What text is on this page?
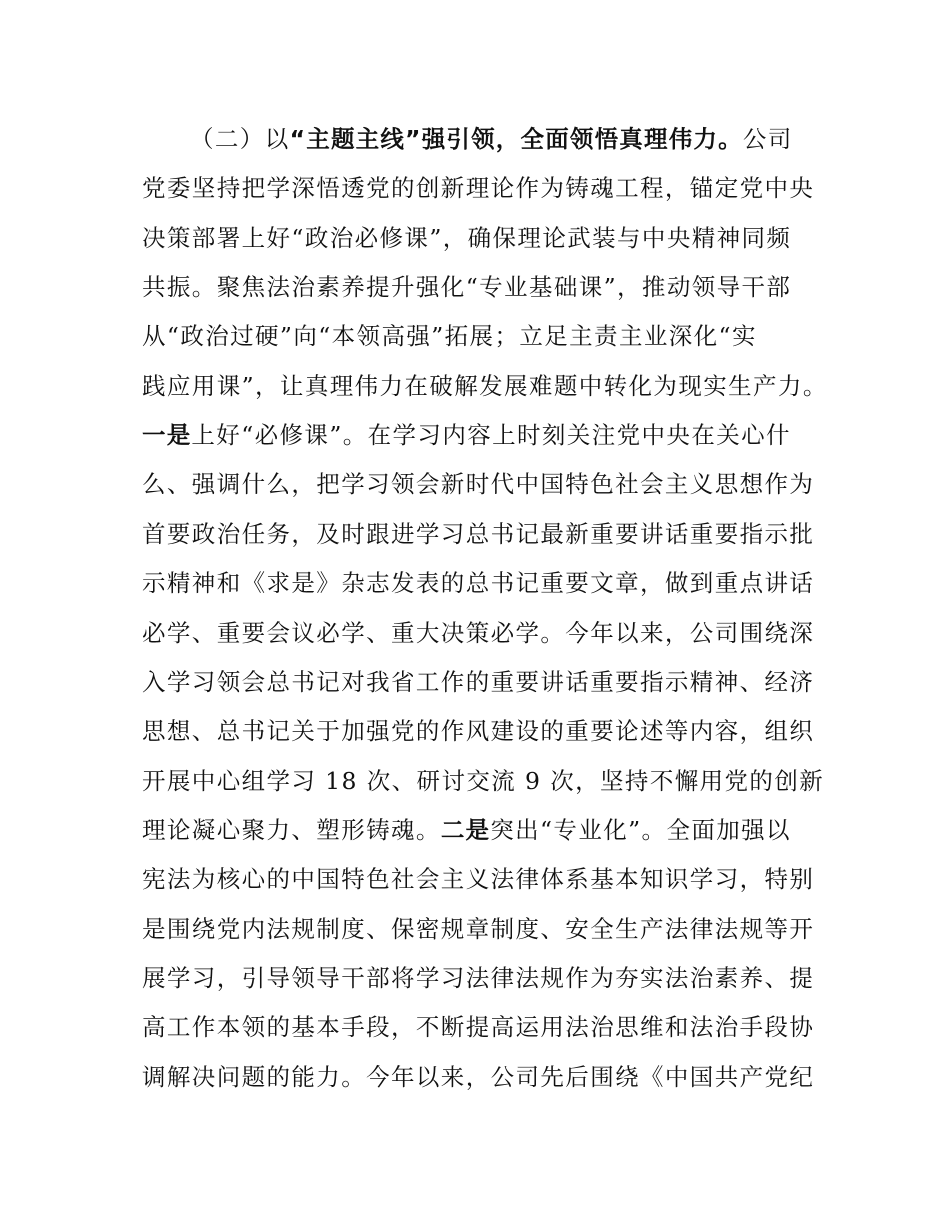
（二）以“主题主线”强引领，全面领悟真理伟力。公司
党委坚持把学深悟透党的创新理论作为铸魂工程，锚定党中央
决策部署上好“政治必修课”，确保理论武装与中央精神同频
共振。聚焦法治素养提升强化“专业基础课”，推动领导干部
从“政治过硬”向“本领高强”拓展；立足主责主业深化“实
践应用课”，让真理伟力在破解发展难题中转化为现实生产力。
一是上好“必修课”。在学习内容上时刻关注党中央在关心什
么、强调什么，把学习领会新时代中国特色社会主义思想作为
首要政治任务，及时跟进学习总书记最新重要讲话重要指示批
示精神和《求是》杂志发表的总书记重要文章，做到重点讲话
必学、重要会议必学、重大决策必学。今年以来，公司围绕深
入学习领会总书记对我省工作的重要讲话重要指示精神、经济
思想、总书记关于加强党的作风建设的重要论述等内容，组织
开展中心组学习 18 次、研讨交流 9 次，坚持不懈用党的创新
理论凝心聚力、塑形铸魂。二是突出“专业化”。全面加强以
宪法为核心的中国特色社会主义法律体系基本知识学习，特别
是围绕党内法规制度、保密规章制度、安全生产法律法规等开
展学习，引导领导干部将学习法律法规作为夯实法治素养、提
高工作本领的基本手段，不断提高运用法治思维和法治手段协
调解决问题的能力。今年以来，公司先后围绕《中国共产党纪
